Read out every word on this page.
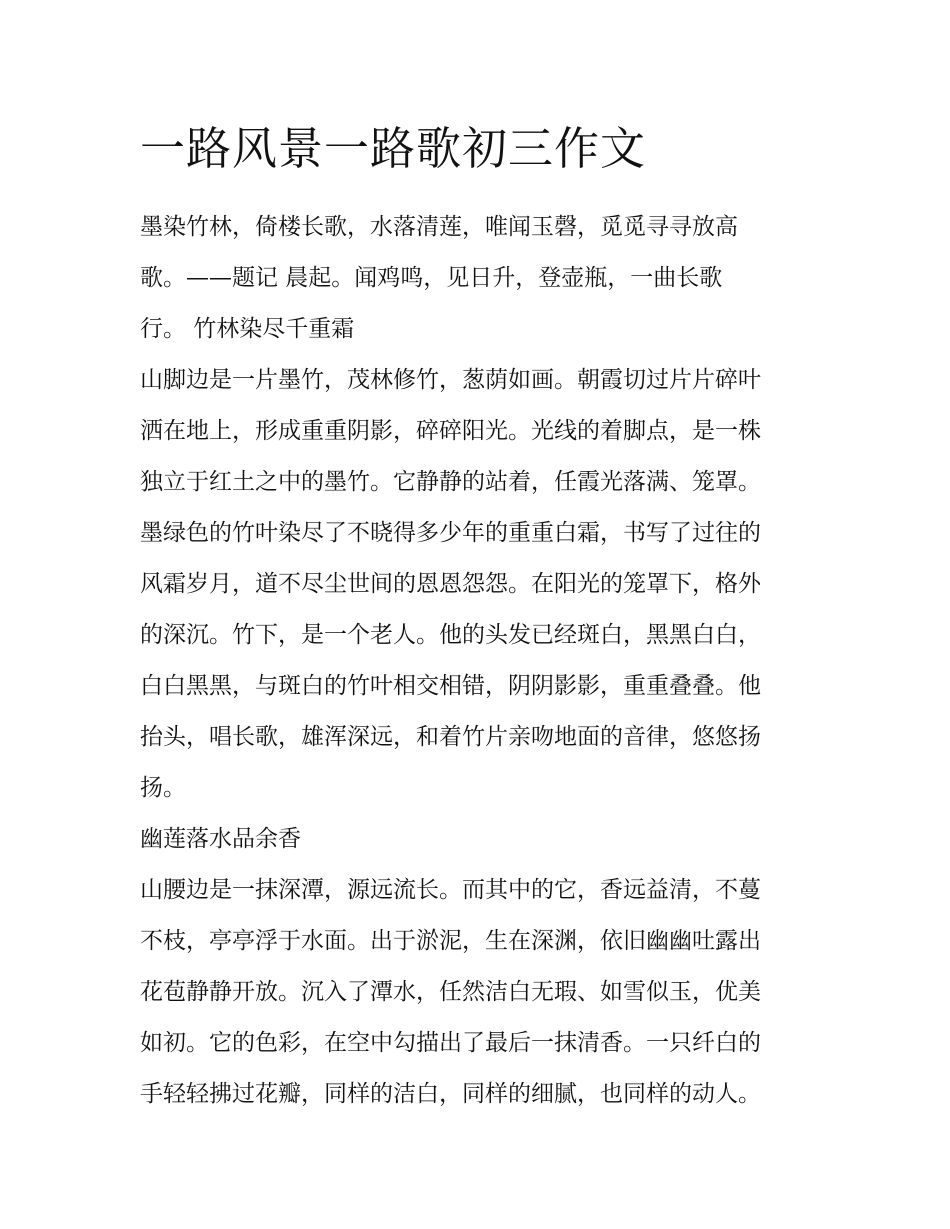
一路风景一路歌初三作文
墨染竹林，倚楼长歌，水落清莲，唯闻玉磬，觅觅寻寻放高
歌。——题记 晨起。闻鸡鸣，见日升，登壶瓶，一曲长歌
行。 竹林染尽千重霜
山脚边是一片墨竹，茂林修竹，葱荫如画。朝霞切过片片碎叶
洒在地上，形成重重阴影，碎碎阳光。光线的着脚点，是一株
独立于红土之中的墨竹。它静静的站着，任霞光落满、笼罩。
墨绿色的竹叶染尽了不晓得多少年的重重白霜，书写了过往的
风霜岁月，道不尽尘世间的恩恩怨怨。在阳光的笼罩下，格外
的深沉。竹下，是一个老人。他的头发已经斑白，黑黑白白，
白白黑黑，与斑白的竹叶相交相错，阴阴影影，重重叠叠。他
抬头，唱长歌，雄浑深远，和着竹片亲吻地面的音律，悠悠扬
扬。
幽莲落水品余香
山腰边是一抹深潭，源远流长。而其中的它，香远益清，不蔓
不枝，亭亭浮于水面。出于淤泥，生在深渊，依旧幽幽吐露出
花苞静静开放。沉入了潭水，任然洁白无瑕、如雪似玉，优美
如初。它的色彩，在空中勾描出了最后一抹清香。一只纤白的
手轻轻拂过花瓣，同样的洁白，同样的细腻，也同样的动人。
